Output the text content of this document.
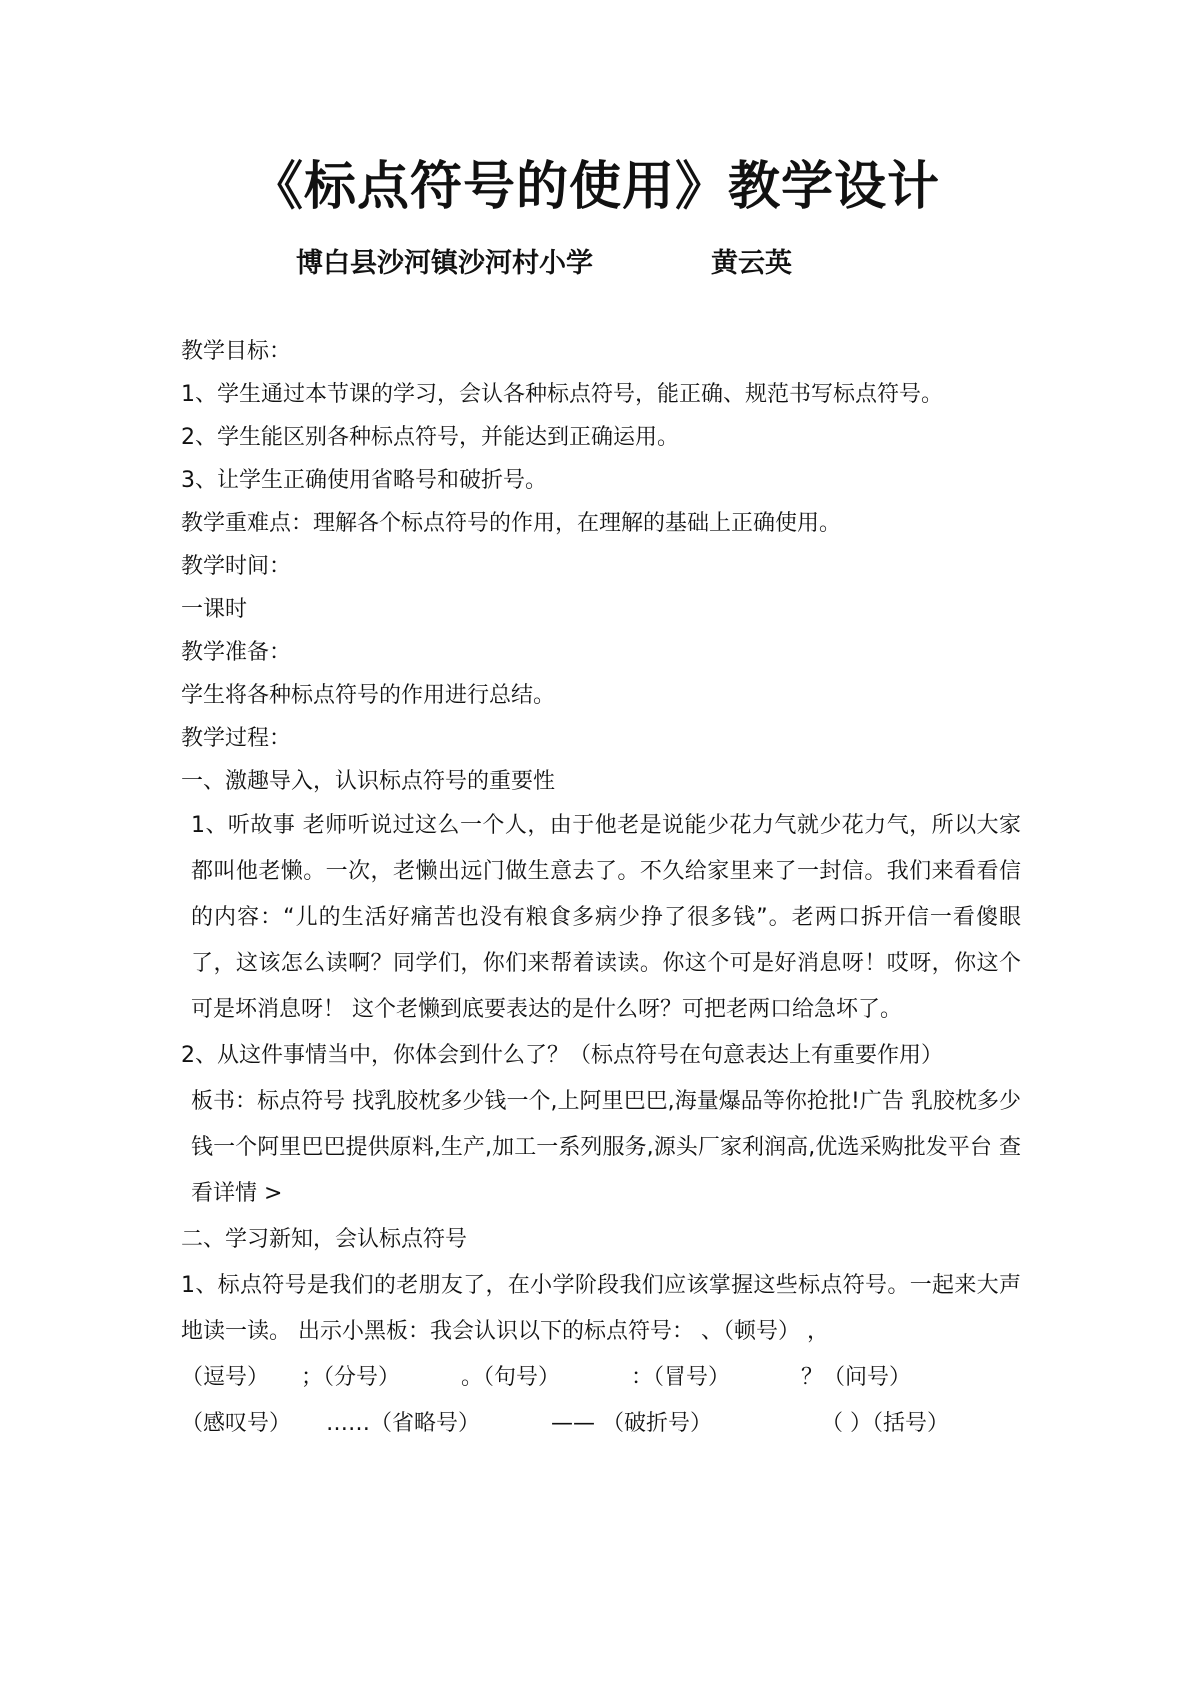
《标点符号的使用》教学设计
博白县沙河镇沙河村小学	黄云英
教学目标：
1、学生通过本节课的学习，会认各种标点符号，能正确、规范书写标点符号。
2、学生能区别各种标点符号，并能达到正确运用。
3、让学生正确使用省略号和破折号。
教学重难点：理解各个标点符号的作用，在理解的基础上正确使用。
教学时间：
一课时
教学准备：
学生将各种标点符号的作用进行总结。
教学过程：
一、激趣导入，认识标点符号的重要性

1、听故事 老师听说过这么一个人，由于他老是说能少花力气就少花力气，所以大家都叫他老懒。一次，老懒出远门做生意去了。不久给家里来了一封信。我们来看看信的内容：“儿的生活好痛苦也没有粮食多病少挣了很多钱”。老两口拆开信一看傻眼了，这该怎么读啊？同学们，你们来帮着读读。你这个可是好消息呀！哎呀，你这个可是坏消息呀！ 这个老懒到底要表达的是什么呀？可把老两口给急坏了。

2、从这件事情当中，你体会到什么了？（标点符号在句意表达上有重要作用）

板书：标点符号 找乳胶枕多少钱一个,上阿里巴巴,海量爆品等你抢批!广告 乳胶枕多少钱一个阿里巴巴提供原料,生产,加工一系列服务,源头厂家利润高,优选采购批发平台 查看详情 >

二、学习新知，会认标点符号

1、标点符号是我们的老朋友了，在小学阶段我们应该掌握这些标点符号。一起来大声地读一读。 出示小黑板：我会认识以下的标点符号： 、（顿号） ，

（逗号） ；（分号）	。（句号）	：（冒号）	？（问号）
（感叹号） ……（省略号）	—— （破折号）	（ ）（括号）
